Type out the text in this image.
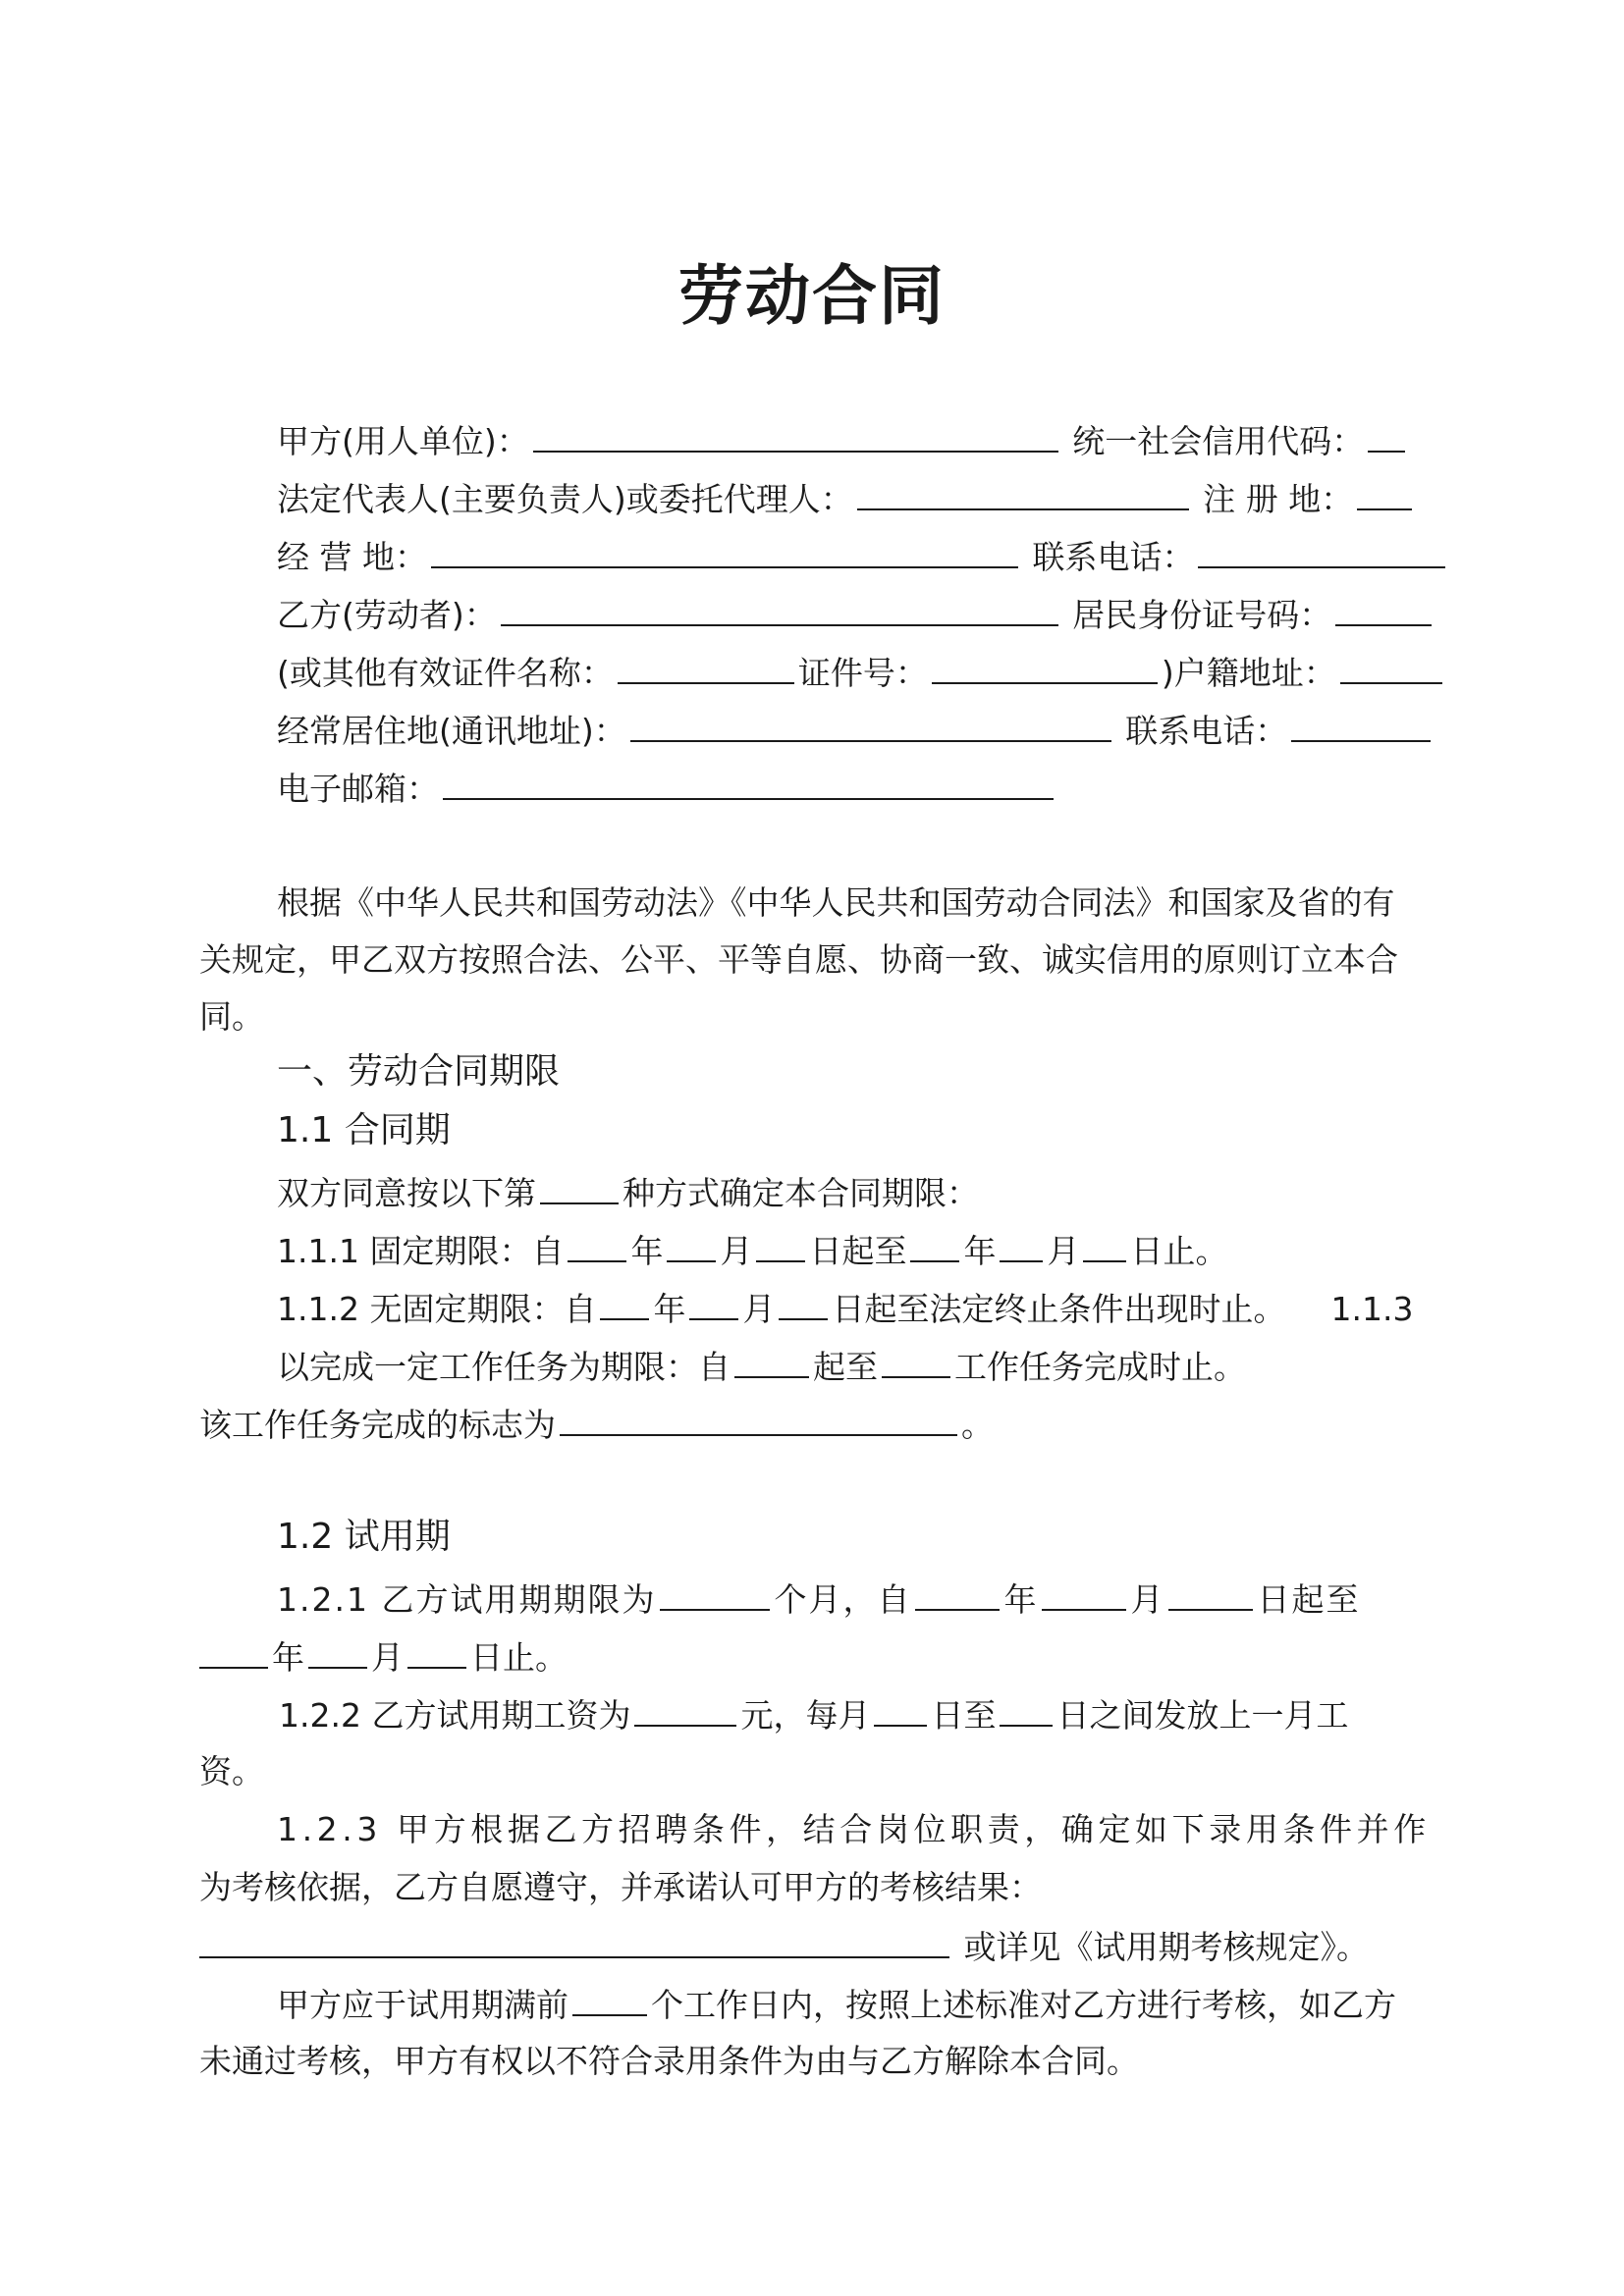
劳动合同
甲方(用人单位)：	统一社会信用代码：
法定代表人(主要负责人)或委托代理人：	注 册 地：
经 营 地：	联系电话：
乙方(劳动者)：	居民身份证号码：
(或其他有效证件名称：	证件号：	)户籍地址：
经常居住地(通讯地址)：	联系电话：
电子邮箱：
根据《中华人民共和国劳动法》《中华人民共和国劳动合同法》和国家及省的有
关规定，甲乙双方按照合法、公平、平等自愿、协商一致、诚实信用的原则订立本合
同。
一、劳动合同期限
1.1 合同期
双方同意按以下第	种方式确定本合同期限：
1.1.1 固定期限：自 年 月 日起至 年 月 日止。
1.1.2 无固定期限：自 年 月 日起至法定终止条件出现时止。 1.1.3
以完成一定工作任务为期限：自	起至 工作任务完成时止。
该工作任务完成的标志为	。
1.2 试用期
1.2.1 乙方试用期期限为	个月，自	年	月	日起至
年 月 日止。
1.2.2 乙方试用期工资为	元，每月 日至 日之间发放上一月工
资。
1.2.3 甲方根据乙方招聘条件，结合岗位职责，确定如下录用条件并作
为考核依据，乙方自愿遵守，并承诺认可甲方的考核结果：
或详见《试用期考核规定》。
甲方应于试用期满前	个工作日内，按照上述标准对乙方进行考核，如乙方
未通过考核，甲方有权以不符合录用条件为由与乙方解除本合同。
